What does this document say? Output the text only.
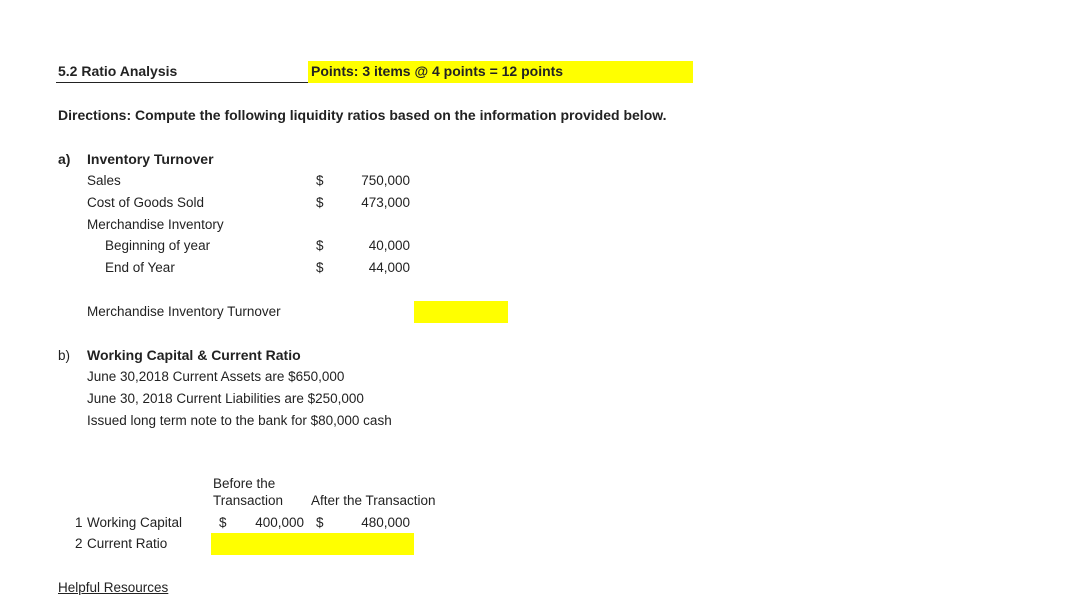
5.2 Ratio Analysis	Points: 3 items @ 4 points = 12 points
Directions: Compute the following liquidity ratios based on the information provided below.
a) Inventory Turnover
Sales	$	750,000
Cost of Goods Sold	$	473,000
Merchandise Inventory
Beginning of year	$	40,000
End of Year	$	44,000
Merchandise Inventory Turnover
b) Working Capital & Current Ratio
June 30,2018 Current Assets are $650,000
June 30, 2018 Current Liabilities are $250,000
Issued long term note to the bank for $80,000 cash
Before the
Transaction After the Transaction
1 Working Capital	$	400,000 $	480,000
2 Current Ratio
Helpful Resources
